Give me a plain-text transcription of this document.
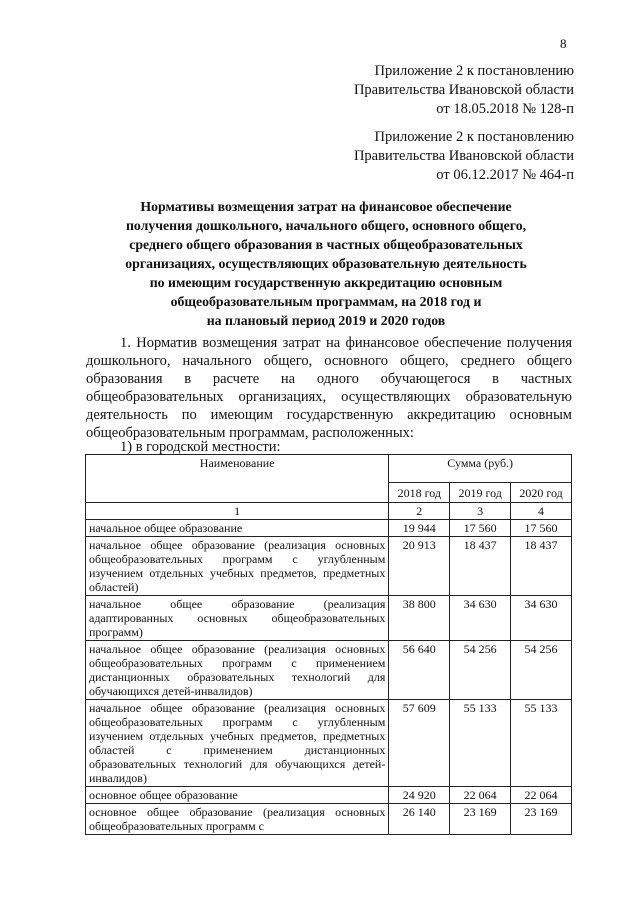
8
Приложение 2 к постановлению
Правительства Ивановской области
от 18.05.2018 № 128-п
Приложение 2 к постановлению
Правительства Ивановской области
от 06.12.2017 № 464-п
Нормативы возмещения затрат на финансовое обеспечение
получения дошкольного, начального общего, основного общего,
среднего общего образования в частных общеобразовательных
организациях, осуществляющих образовательную деятельность
по имеющим государственную аккредитацию основным
общеобразовательным программам, на 2018 год и
на плановый период 2019 и 2020 годов
1. Норматив возмещения затрат на финансовое обеспечение получения дошкольного, начального общего, основного общего, среднего общего образования в расчете на одного обучающегося в частных общеобразовательных организациях, осуществляющих образовательную деятельность по имеющим государственную аккредитацию основным общеобразовательным программам, расположенных:
1) в городской местности:
Наименование	Сумма (руб.)		
	2018 год	2019 год	2020 год
1	2	3	4
начальное общее образование	19 944	17 560	17 560
начальное общее образование (реализация основных общеобразовательных программ с углубленным изучением отдельных учебных предметов, предметных областей)	20 913	18 437	18 437
начальное общее образование (реализация адаптированных основных общеобразовательных программ)	38 800	34 630	34 630
начальное общее образование (реализация основных общеобразовательных программ с применением дистанционных образовательных технологий для обучающихся детей-инвалидов)	56 640	54 256	54 256
начальное общее образование (реализация основных общеобразовательных программ с углубленным изучением отдельных учебных предметов, предметных областей с применением дистанционных образовательных технологий для обучающихся детей-инвалидов)	57 609	55 133	55 133
основное общее образование	24 920	22 064	22 064
основное общее образование (реализация основных общеобразовательных программ с	26 140	23 169	23 169
